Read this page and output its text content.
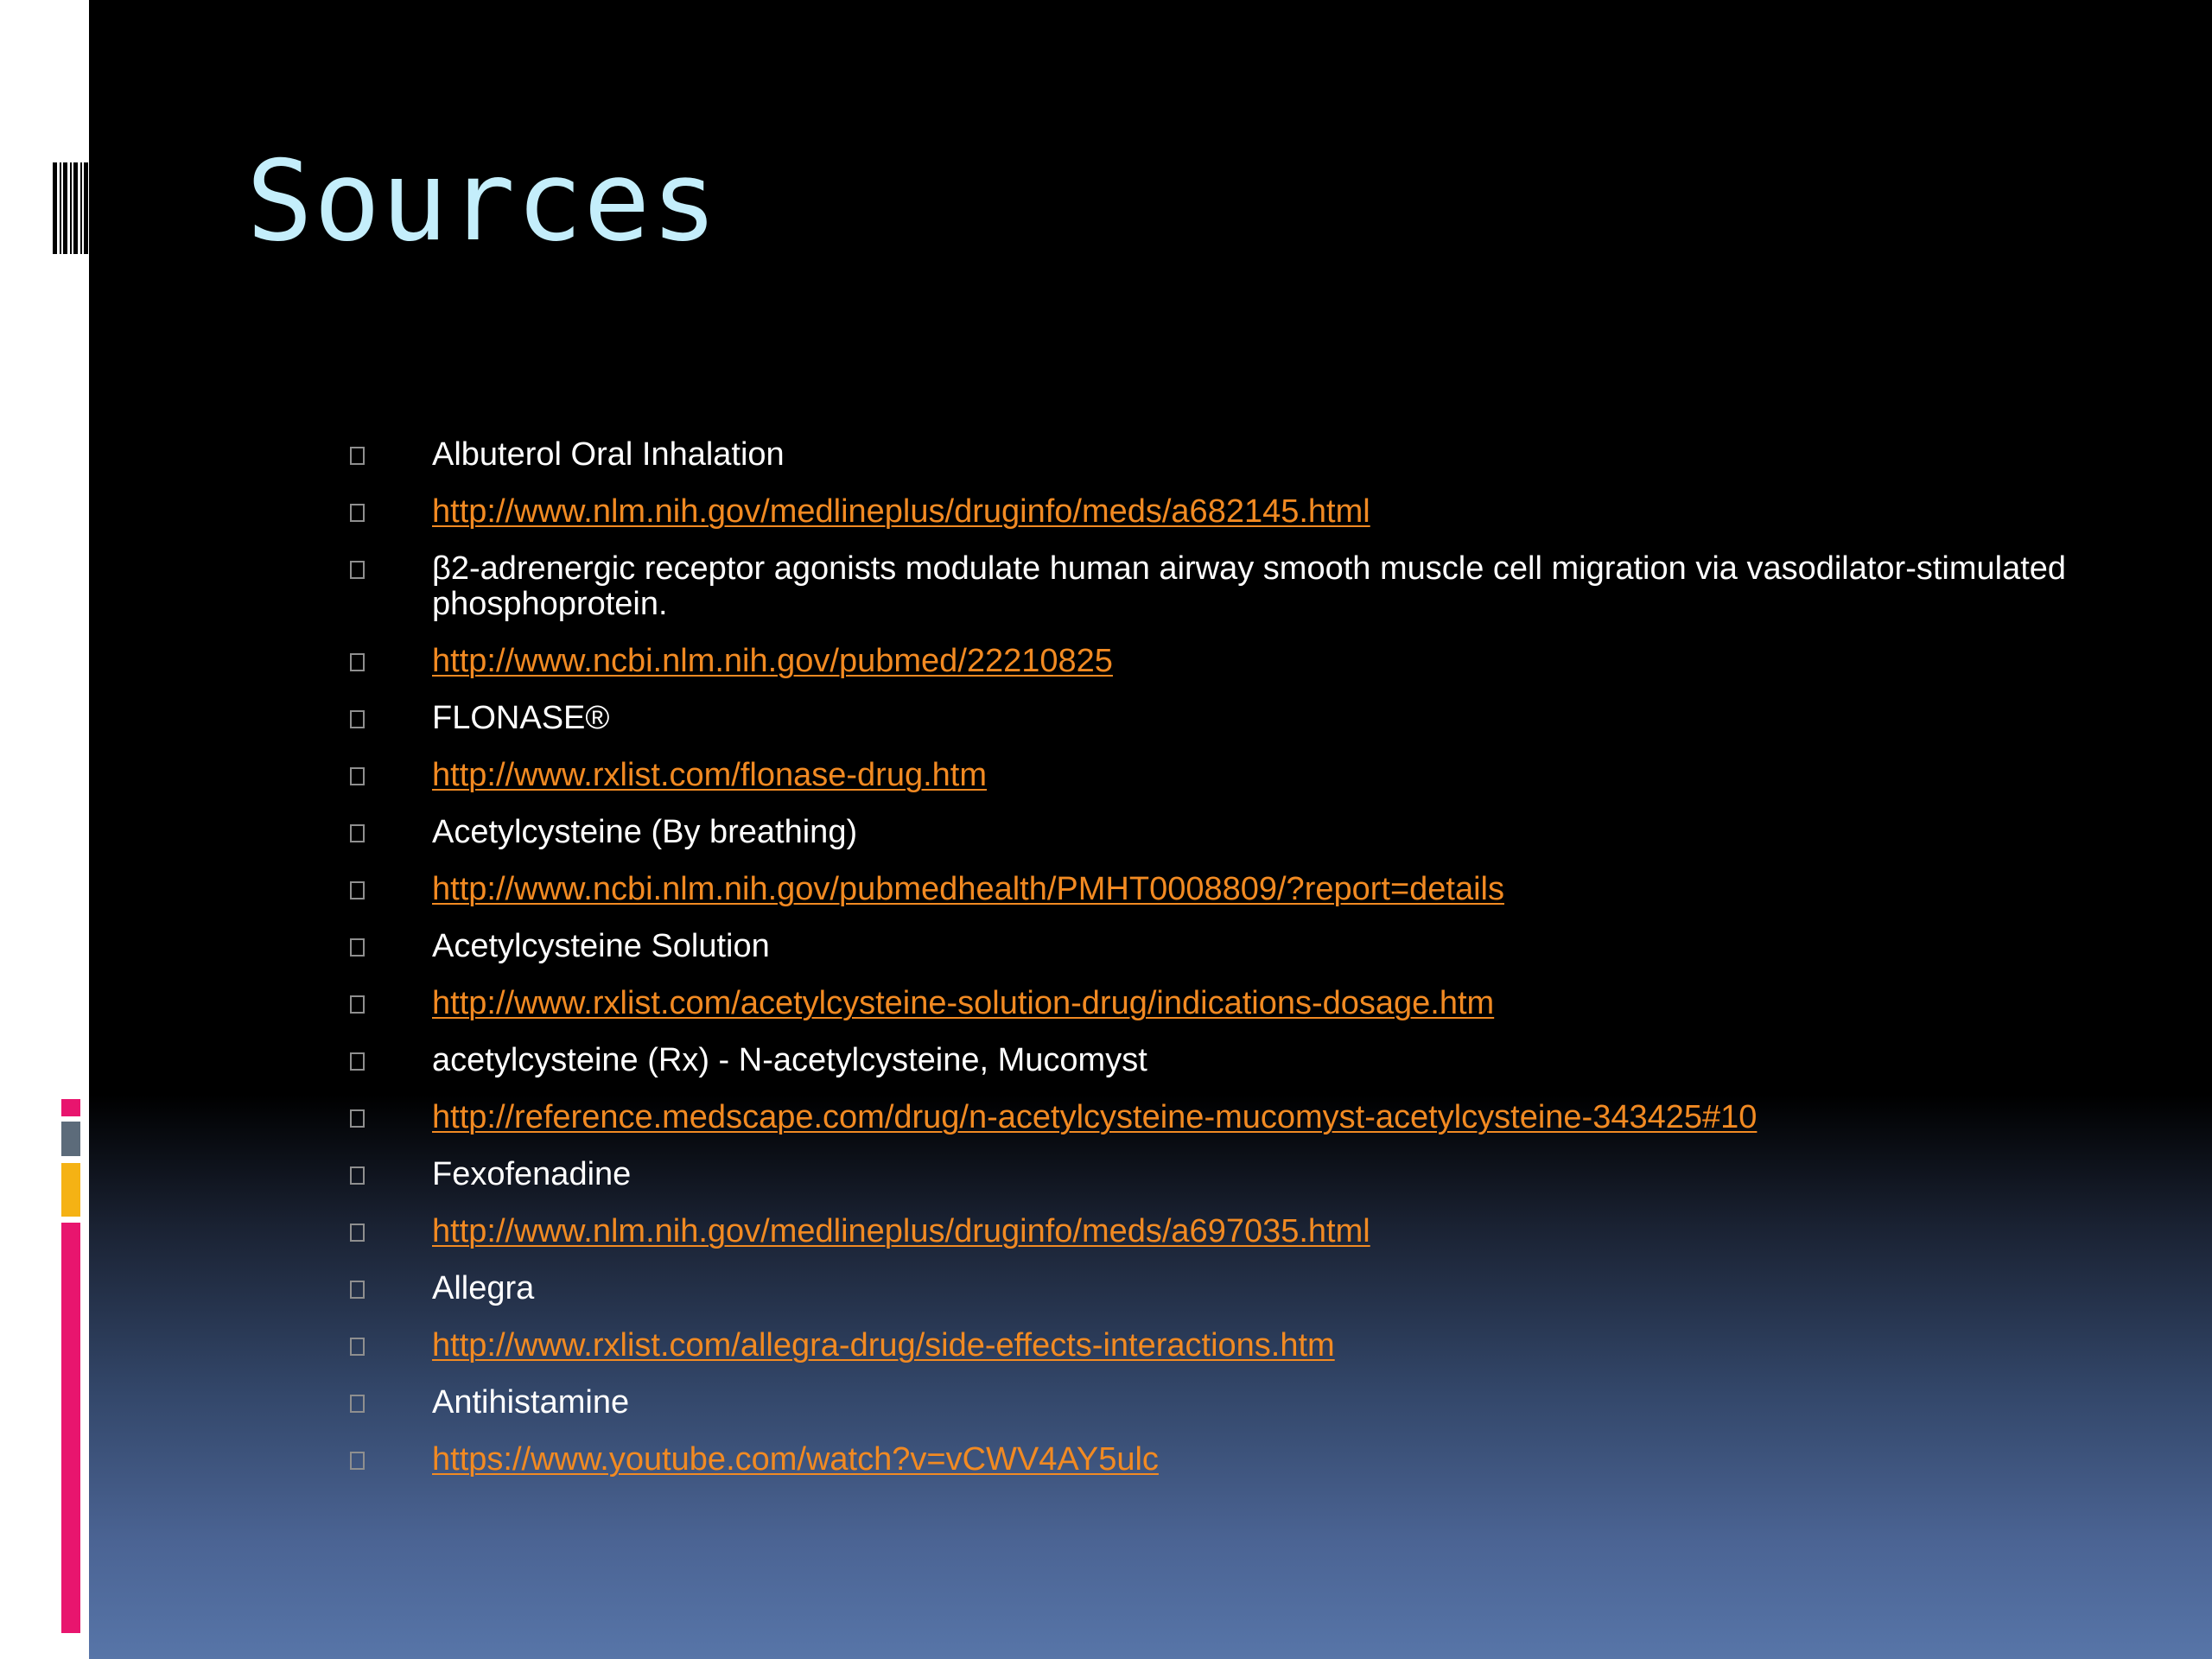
Sources
Albuterol Oral Inhalation
http://www.nlm.nih.gov/medlineplus/druginfo/meds/a682145.html
β2-adrenergic receptor agonists modulate human airway smooth muscle cell migration via vasodilator-stimulated phosphoprotein.
http://www.ncbi.nlm.nih.gov/pubmed/22210825
FLONASE®
http://www.rxlist.com/flonase-drug.htm
Acetylcysteine (By breathing)
http://www.ncbi.nlm.nih.gov/pubmedhealth/PMHT0008809/?report=details
Acetylcysteine Solution
http://www.rxlist.com/acetylcysteine-solution-drug/indications-dosage.htm
acetylcysteine (Rx) - N-acetylcysteine, Mucomyst
http://reference.medscape.com/drug/n-acetylcysteine-mucomyst-acetylcysteine-343425#10
Fexofenadine
http://www.nlm.nih.gov/medlineplus/druginfo/meds/a697035.html
Allegra
http://www.rxlist.com/allegra-drug/side-effects-interactions.htm
Antihistamine
https://www.youtube.com/watch?v=vCWV4AY5ulc
